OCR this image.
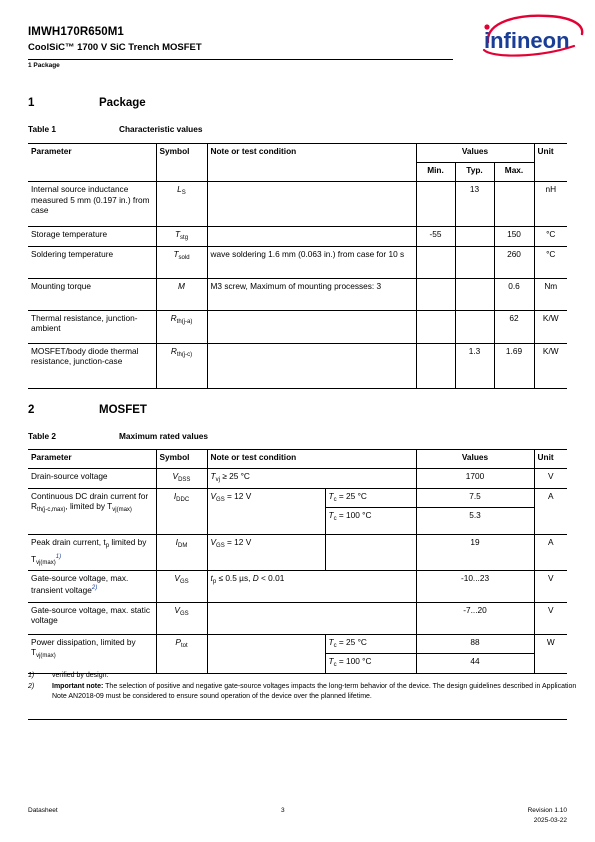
IMWH170R650M1
CoolSiC™ 1700 V SiC Trench MOSFET
1 Package
infineon
1	Package
Table 1	Characteristic values
Parameter	Symbol	Note or test condition	Values			Unit
			Min.	Typ.	Max.	
Internal source inductance measured 5 mm (0.197 in.) from case	$L_S$			13		nH
Storage temperature	$T_{stg}$		-55		150	°C
Soldering temperature	$T_{sold}$	wave soldering 1.6 mm (0.063 in.) from case for 10 s			260	°C
Mounting torque	M	M3 screw, Maximum of mounting processes: 3			0.6	Nm
Thermal resistance, junction-ambient	$R_{th(j-a)}$				62	K/W
MOSFET/body diode thermal resistance, junction-case	$R_{th(j-c)}$			1.3	1.69	K/W
2	MOSFET
Table 2	Maximum rated values
Parameter	Symbol	Note or test condition		Values	Unit
Drain-source voltage	$V_{DSS}$	$T_{vj} \ge 25$ °C		1700	V
Continuous DC drain current for $R_{th(j-c,max)}$, limited by $T_{vj(max)}$	$I_{DDC}$	$V_{GS} = 12$ V	$T_c = 25$ °C	7.5	A
			$T_c = 100$ °C	5.3	
Peak drain current, $t_p$ limited by $T_{vj(max)}^{1)}$	$I_{DM}$	$V_{GS} = 12$ V		19	A
Gate-source voltage, max. transient voltage$^{2)}$	$V_{GS}$	$t_p \le 0.5$ µs, D < 0.01		-10...23	V
Gate-source voltage, max. static voltage	$V_{GS}$			-7...20	V
Power dissipation, limited by $T_{vj(max)}$	$P_{tot}$		$T_c = 25$ °C	88	W
			$T_c = 100$ °C	44	
1)	verified by design.
2)	Important note: The selection of positive and negative gate-source voltages impacts the long-term behavior of the device. The design guidelines described in Application Note AN2018-09 must be considered to ensure sound operation of the device over the planned lifetime.
Datasheet	3	Revision 1.10
2025-03-22
